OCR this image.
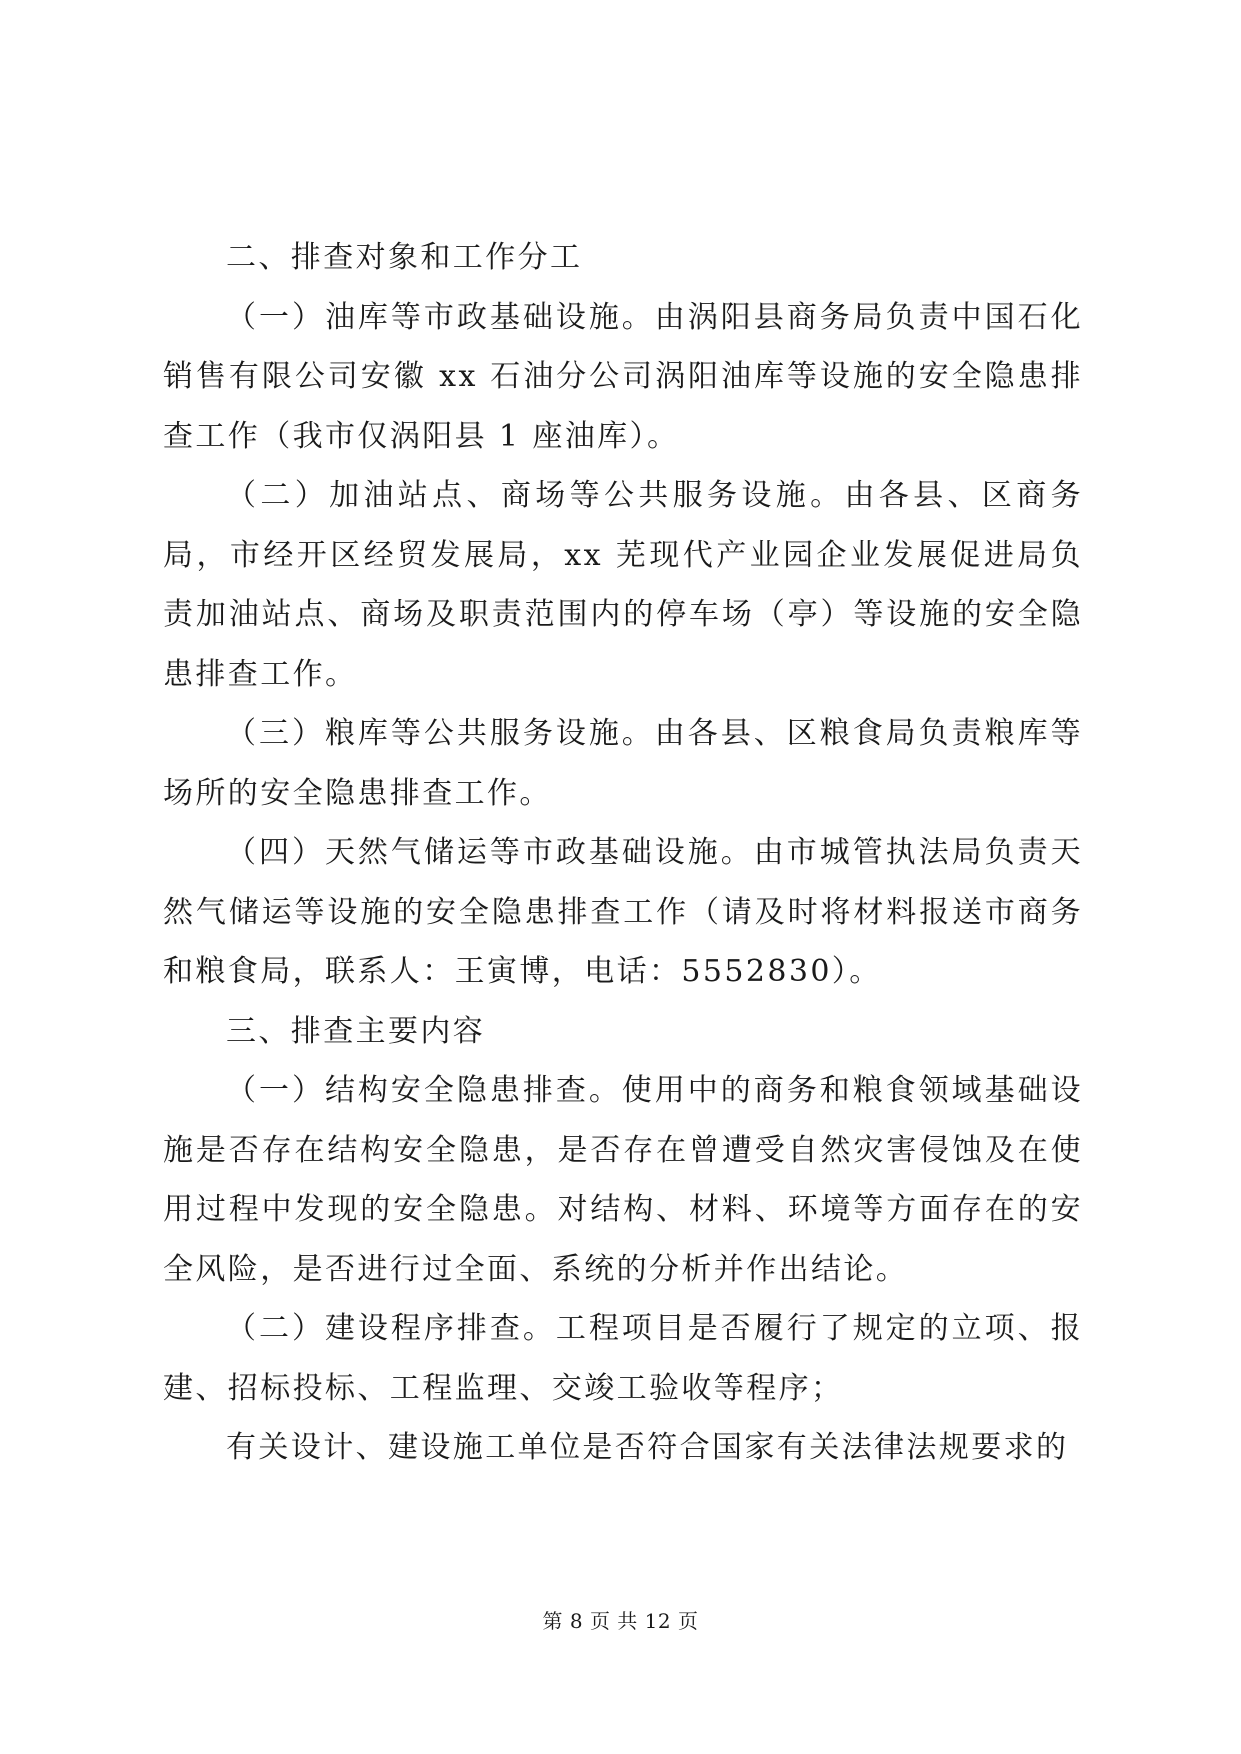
二、排查对象和工作分工

（一）油库等市政基础设施。由涡阳县商务局负责中国石化销售有限公司安徽 xx 石油分公司涡阳油库等设施的安全隐患排查工作（我市仅涡阳县 1 座油库）。

（二）加油站点、商场等公共服务设施。由各县、区商务局，市经开区经贸发展局，xx 芜现代产业园企业发展促进局负责加油站点、商场及职责范围内的停车场（亭）等设施的安全隐患排查工作。

（三）粮库等公共服务设施。由各县、区粮食局负责粮库等场所的安全隐患排查工作。

（四）天然气储运等市政基础设施。由市城管执法局负责天然气储运等设施的安全隐患排查工作（请及时将材料报送市商务和粮食局，联系人：王寅博，电话：5552830）。

三、排查主要内容

（一）结构安全隐患排查。使用中的商务和粮食领域基础设施是否存在结构安全隐患，是否存在曾遭受自然灾害侵蚀及在使用过程中发现的安全隐患。对结构、材料、环境等方面存在的安全风险，是否进行过全面、系统的分析并作出结论。

（二）建设程序排查。工程项目是否履行了规定的立项、报建、招标投标、工程监理、交竣工验收等程序；

有关设计、建设施工单位是否符合国家有关法律法规要求的

第 8 页 共 12 页
